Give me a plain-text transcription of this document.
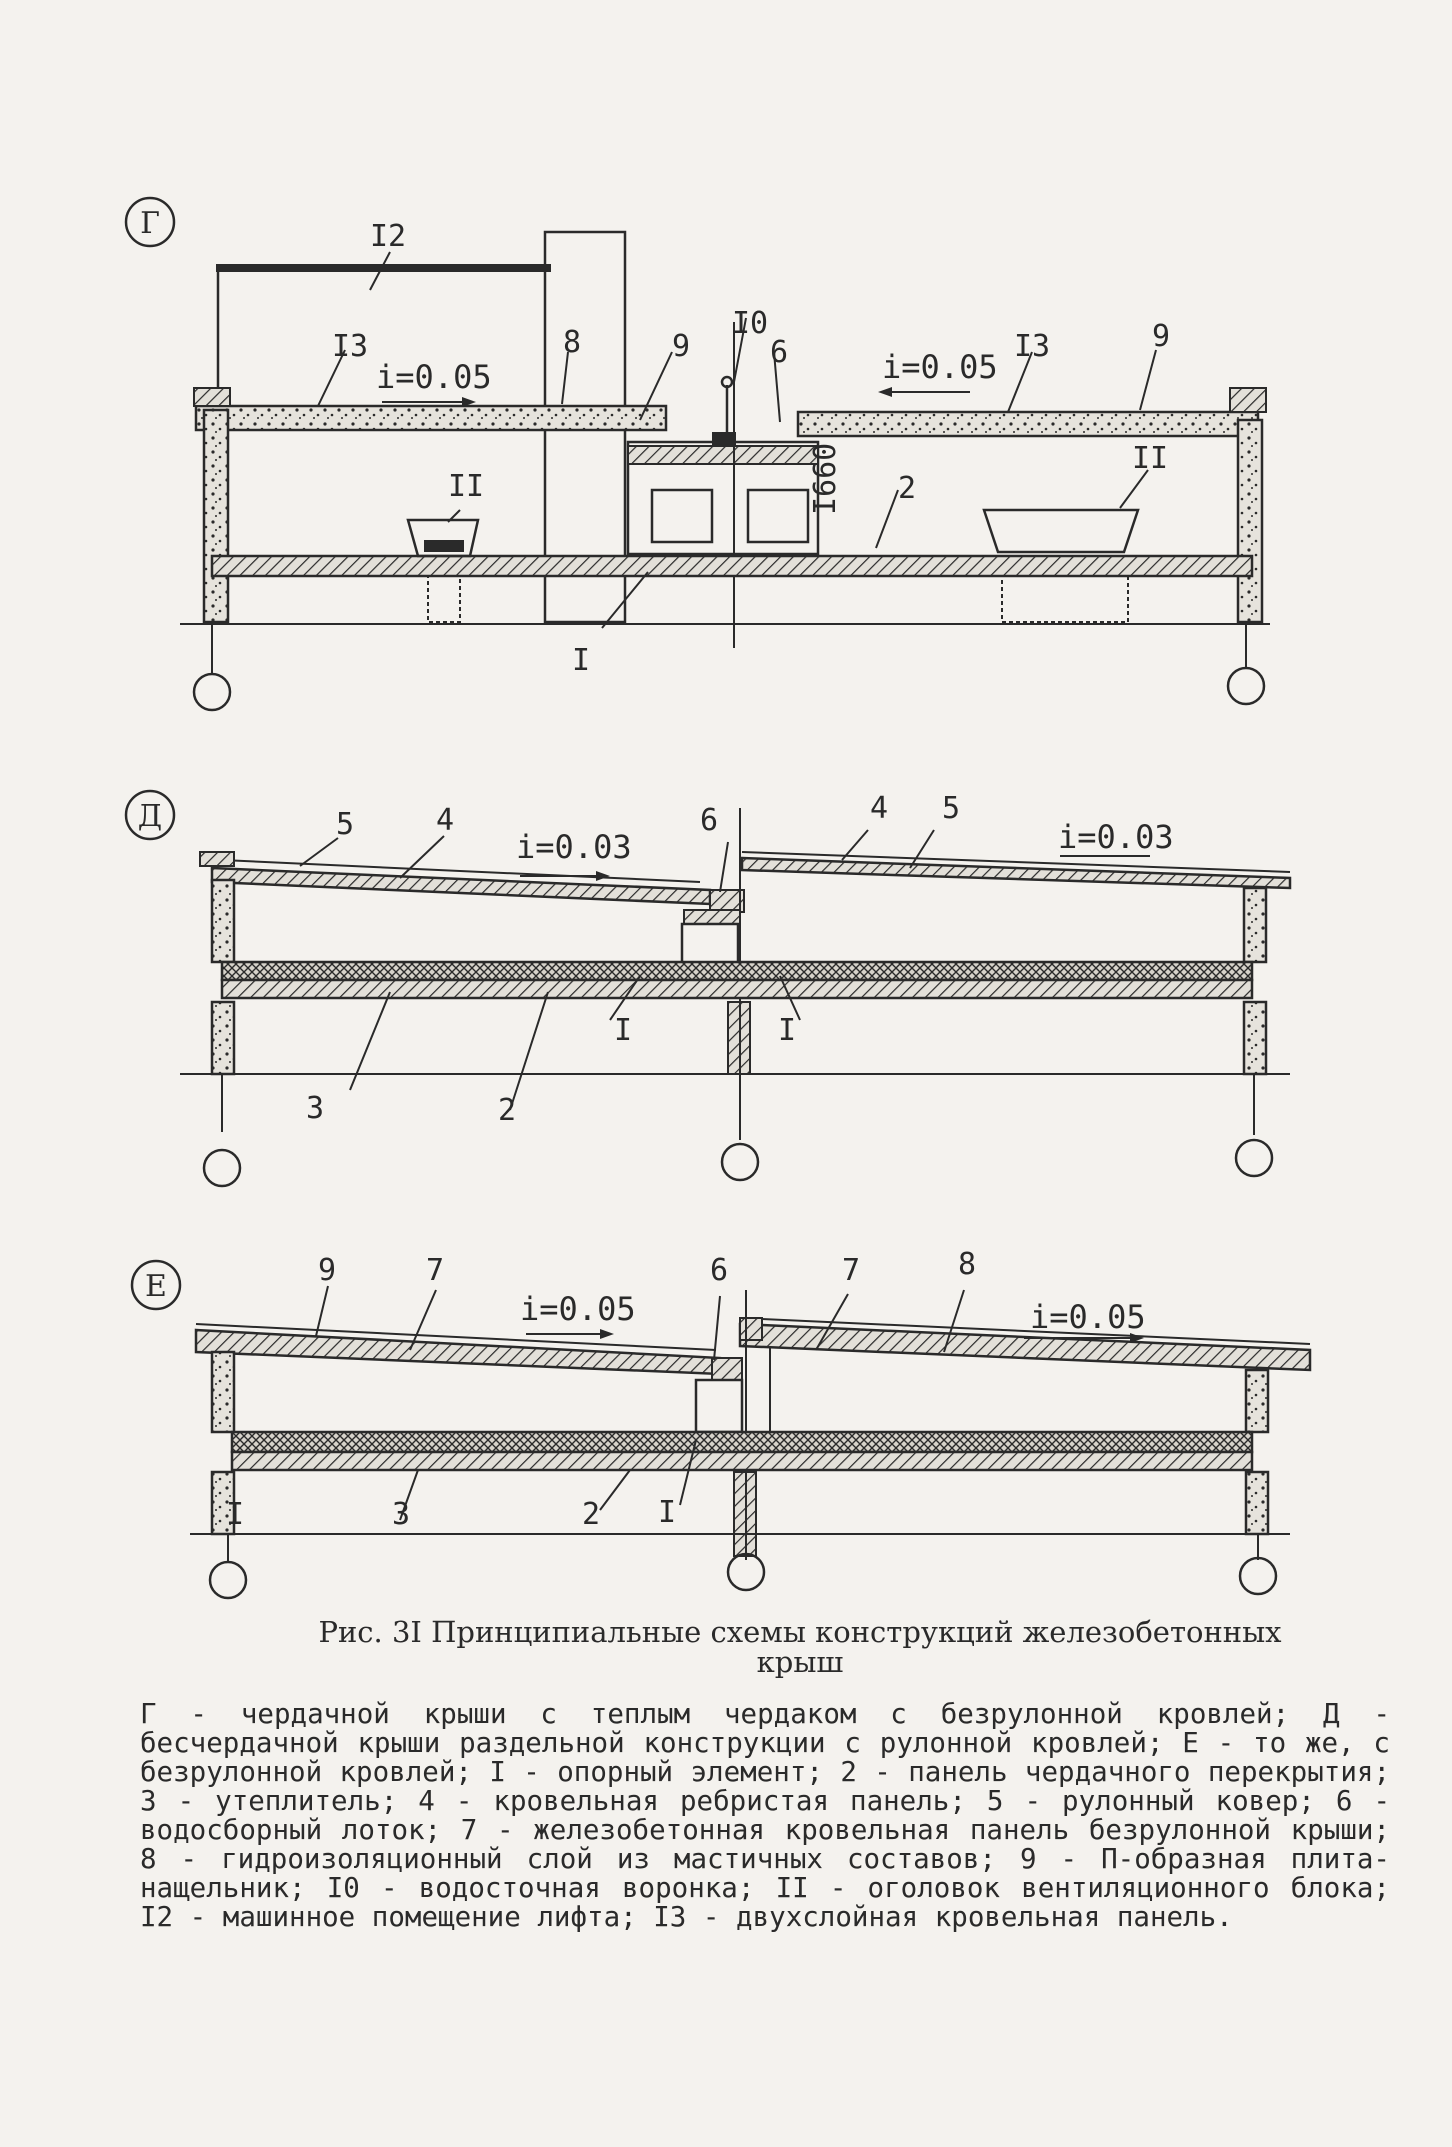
Г
i=0.05	i=0.05
I660
I2
I3	8	9
I0
6	I3	9
II
II
2
I
Д
i=0.03	i=0.03
5	4	6	4 5
I	I
3	2
Е
i=0.05	i=0.05
9	7	6	7	8
3	2 I
I
Рис. 3I Принципиальные схемы конструкций железобетонных
крыш

Г - чердачной крыши с теплым чердаком с безрулонной кровлей; Д - бесчердачной крыши раздельной конструкции с рулонной кровлей; Е - то же, с безрулонной кровлей; I - опорный элемент; 2 - панель чердачного перекрытия; 3 - утеплитель; 4 - кровельная ребристая панель; 5 - рулонный ковер; 6 - водосборный лоток; 7 - железобетонная кровельная панель безрулонной крыши; 8 - гидроизоляционный слой из мастичных составов; 9 - П-образная плита-нащельник; I0 - водосточная воронка; II - оголовок вентиляционного блока; I2 - машинное помещение лифта; I3 - двухслойная кровельная панель.
